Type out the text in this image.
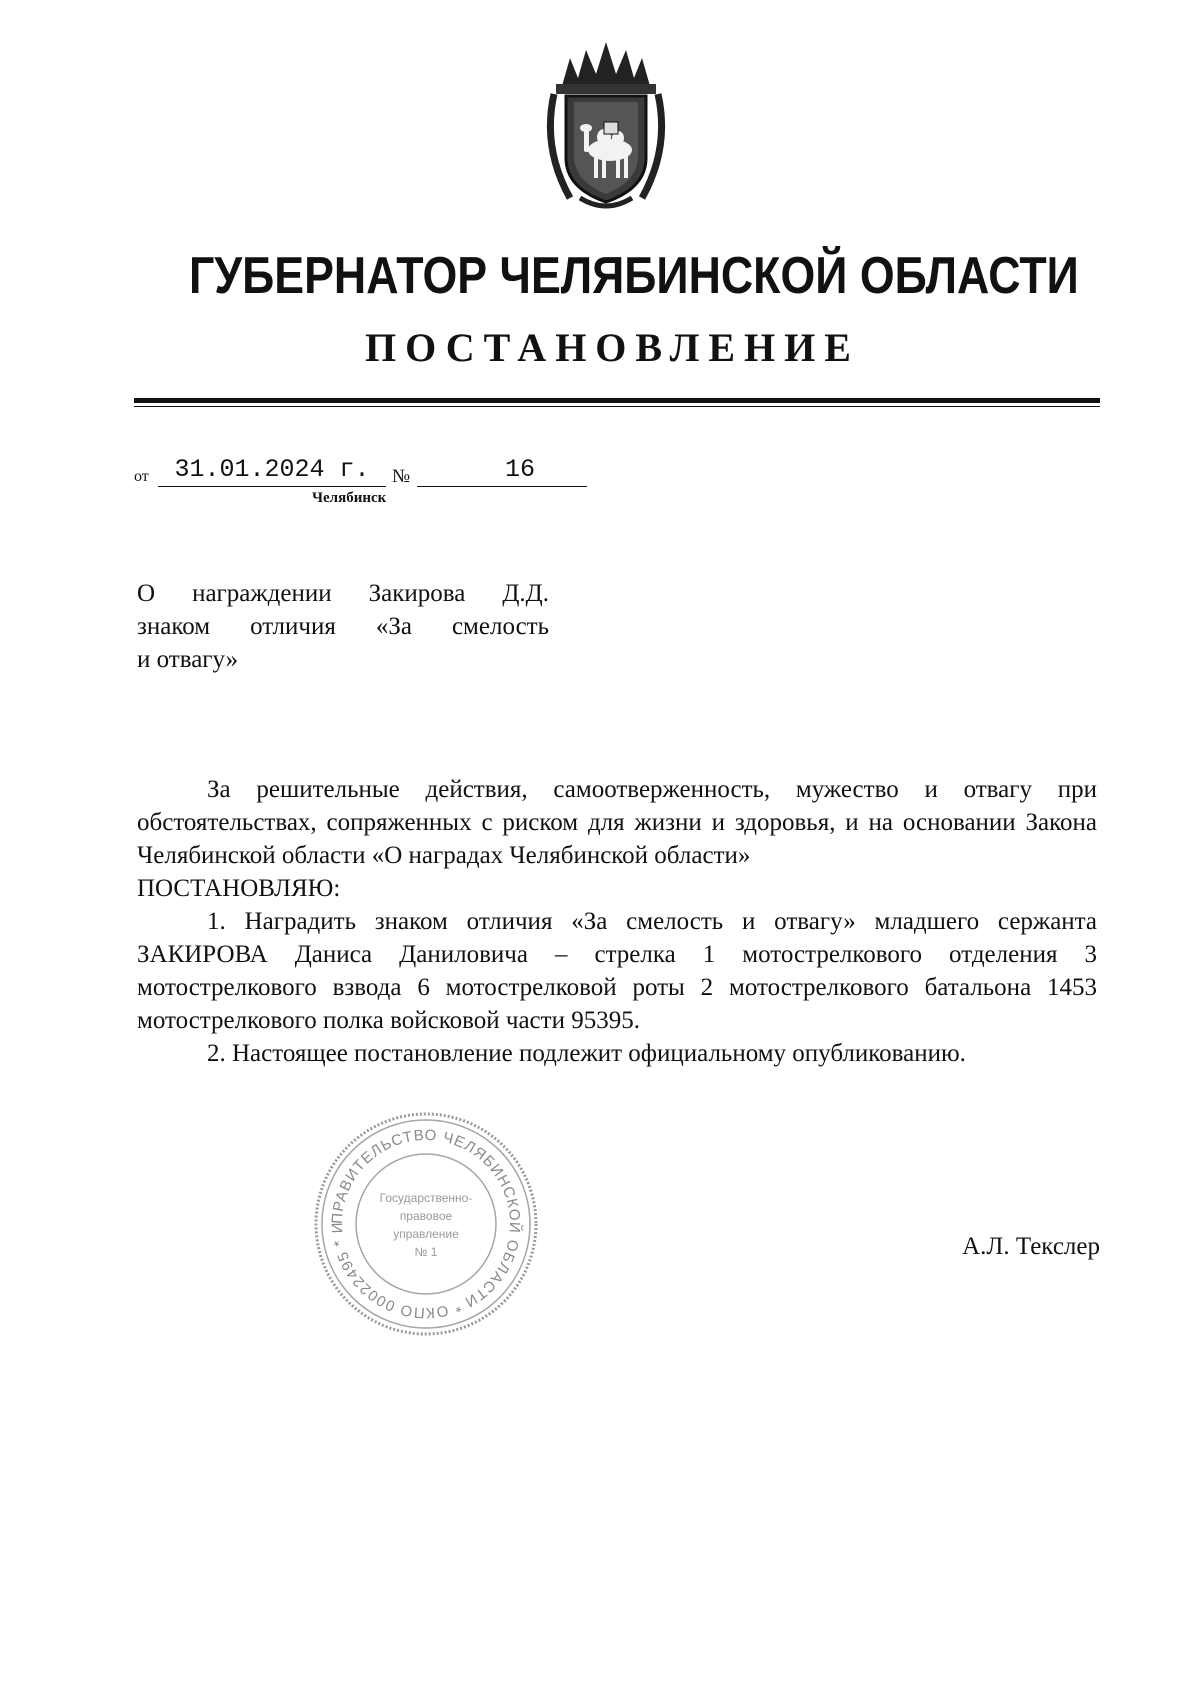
ГУБЕРНАТОР ЧЕЛЯБИНСКОЙ ОБЛАСТИ
ПОСТАНОВЛЕНИЕ
от	31.01.2024 г.	№	16
Челябинск
О награждении Закирова Д.Д.
знаком отличия «За смелость
и отвагу»
За решительные действия, самоотверженность, мужество и отвагу при обстоятельствах, сопряженных с риском для жизни и здоровья, и на основании Закона Челябинской области «О наградах Челябинской области»
ПОСТАНОВЛЯЮ:
1. Наградить знаком отличия «За смелость и отвагу» младшего сержанта ЗАКИРОВА Даниса Даниловича – стрелка 1 мотострелкового отделения 3 мотострелкового взвода 6 мотострелковой роты 2 мотострелкового батальона 1453 мотострелкового полка войсковой части 95395.
2. Настоящее постановление подлежит официальному опубликованию.
ПРАВИТЕЛЬСТВО ЧЕЛЯБИНСКОЙ ОБЛАСТИ * ОКПО 00022495 * И
Государственно-
правовое
управление
№ 1	А.Л. Текслер
